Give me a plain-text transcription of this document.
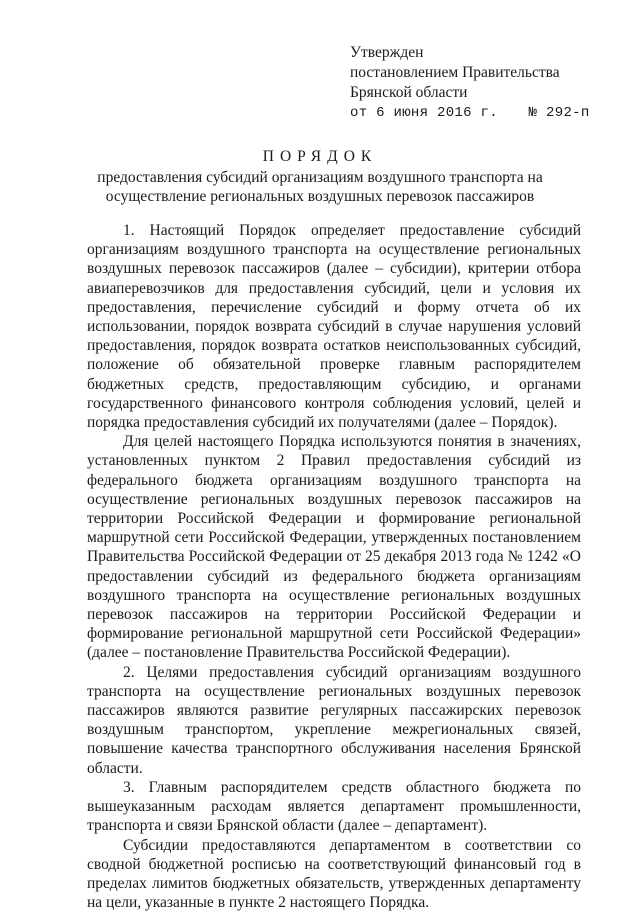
Утвержден
постановлением Правительства
Брянской области
от 6 июня 2016 г. № 292-п
ПОРЯДОК
предоставления субсидий организациям воздушного транспорта на осуществление региональных воздушных перевозок пассажиров

1. Настоящий Порядок определяет предоставление субсидий организациям воздушного транспорта на осуществление региональных воздушных перевозок пассажиров (далее – субсидии), критерии отбора авиаперевозчиков для предоставления субсидий, цели и условия их предоставления, перечисление субсидий и форму отчета об их использовании, порядок возврата субсидий в случае нарушения условий предоставления, порядок возврата остатков неиспользованных субсидий, положение об обязательной проверке главным распорядителем бюджетных средств, предоставляющим субсидию, и органами государственного финансового контроля соблюдения условий, целей и порядка предоставления субсидий их получателями (далее – Порядок).

Для целей настоящего Порядка используются понятия в значениях, установленных пунктом 2 Правил предоставления субсидий из федерального бюджета организациям воздушного транспорта на осуществление региональных воздушных перевозок пассажиров на территории Российской Федерации и формирование региональной маршрутной сети Российской Федерации, утвержденных постановлением Правительства Российской Федерации от 25 декабря 2013 года № 1242 «О предоставлении субсидий из федерального бюджета организациям воздушного транспорта на осуществление региональных воздушных перевозок пассажиров на территории Российской Федерации и формирование региональной маршрутной сети Российской Федерации» (далее – постановление Правительства Российской Федерации).

2. Целями предоставления субсидий организациям воздушного транспорта на осуществление региональных воздушных перевозок пассажиров являются развитие регулярных пассажирских перевозок воздушным транспортом, укрепление межрегиональных связей, повышение качества транспортного обслуживания населения Брянской области.

3. Главным распорядителем средств областного бюджета по вышеуказанным расходам является департамент промышленности, транспорта и связи Брянской области (далее – департамент).

Субсидии предоставляются департаментом в соответствии со сводной бюджетной росписью на соответствующий финансовый год в пределах лимитов бюджетных обязательств, утвержденных департаменту на цели, указанные в пункте 2 настоящего Порядка.
